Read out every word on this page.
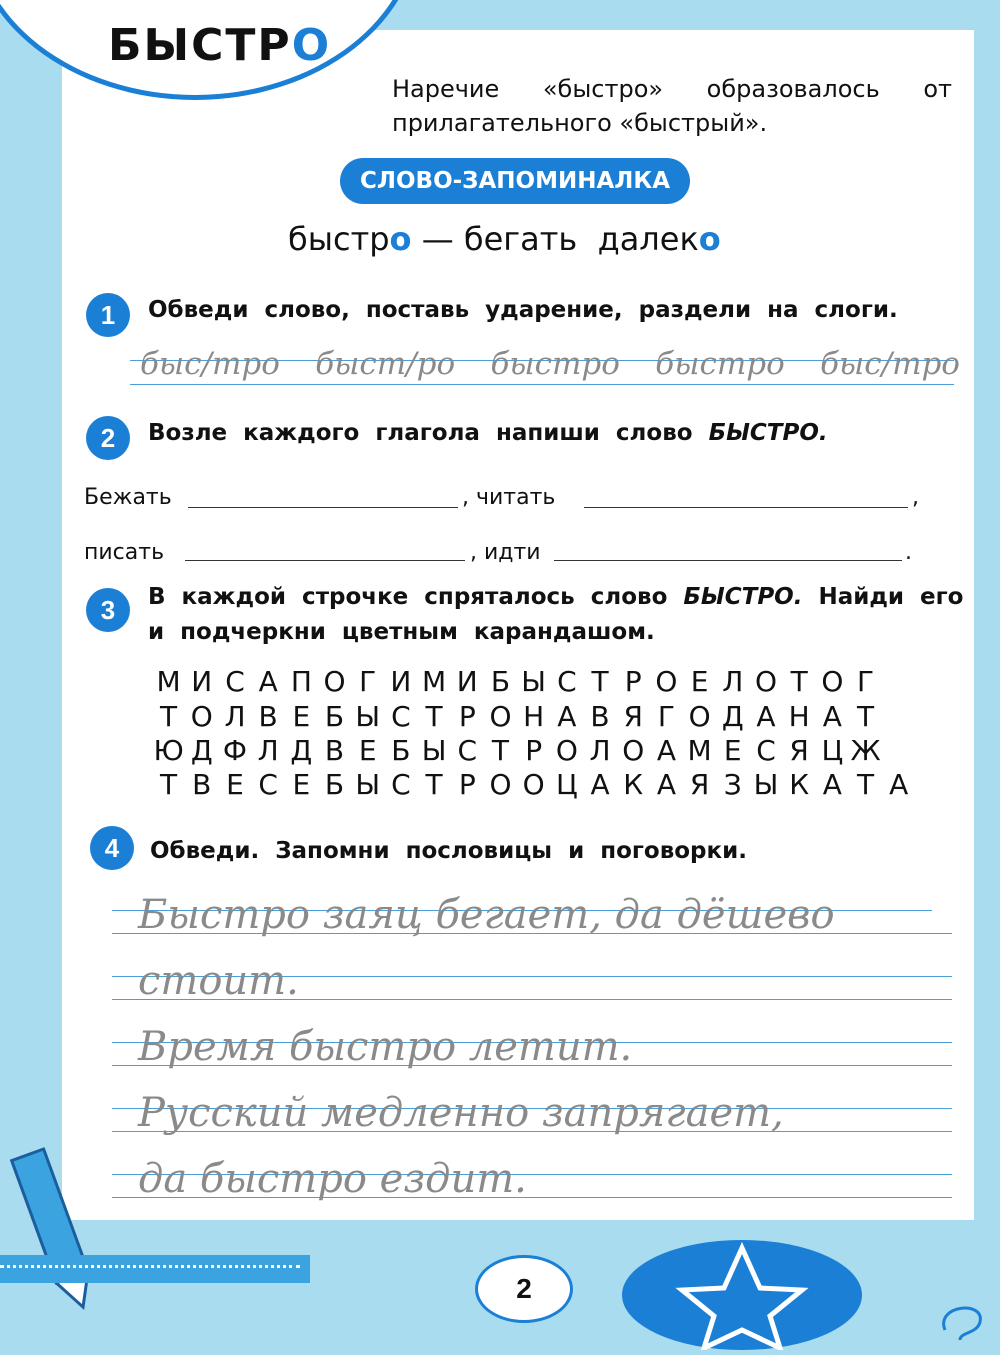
БЫСТРО
Наречие «быстро» образовалось от прилагательного «быстрый».
СЛОВО-ЗАПОМИНАЛКА
быстро — бегать  далеко
1	Обведи слово, поставь ударение, раздели на слоги.
быс/тро быст/ро быстро быстро быс/тро
2	Возле каждого глагола напиши слово БЫСТРО.
Бежать	, читать	,
писать	, идти	.
3	В каждой строчке спряталось слово БЫСТРО. Найди его
и подчеркни цветным карандашом.
М И С А П О Г И М И Б Ы С Т Р О Е Л О Т О Г
Т О Л В Е Б Ы С Т Р О Н А В Я Г О Д А Н А Т
Ю Д Ф Л Д В Е Б Ы С Т Р О Л О А М Е С Я Ц Ж
Т В Е С Е Б Ы С Т Р О О Ц А К А Я З Ы К А Т А
4	Обведи. Запомни пословицы и поговорки.
Быстро заяц бегает, да дёшево
стоит.
Время быстро летит.
Русский медленно запрягает,
да быстро ездит.
2	A*B
